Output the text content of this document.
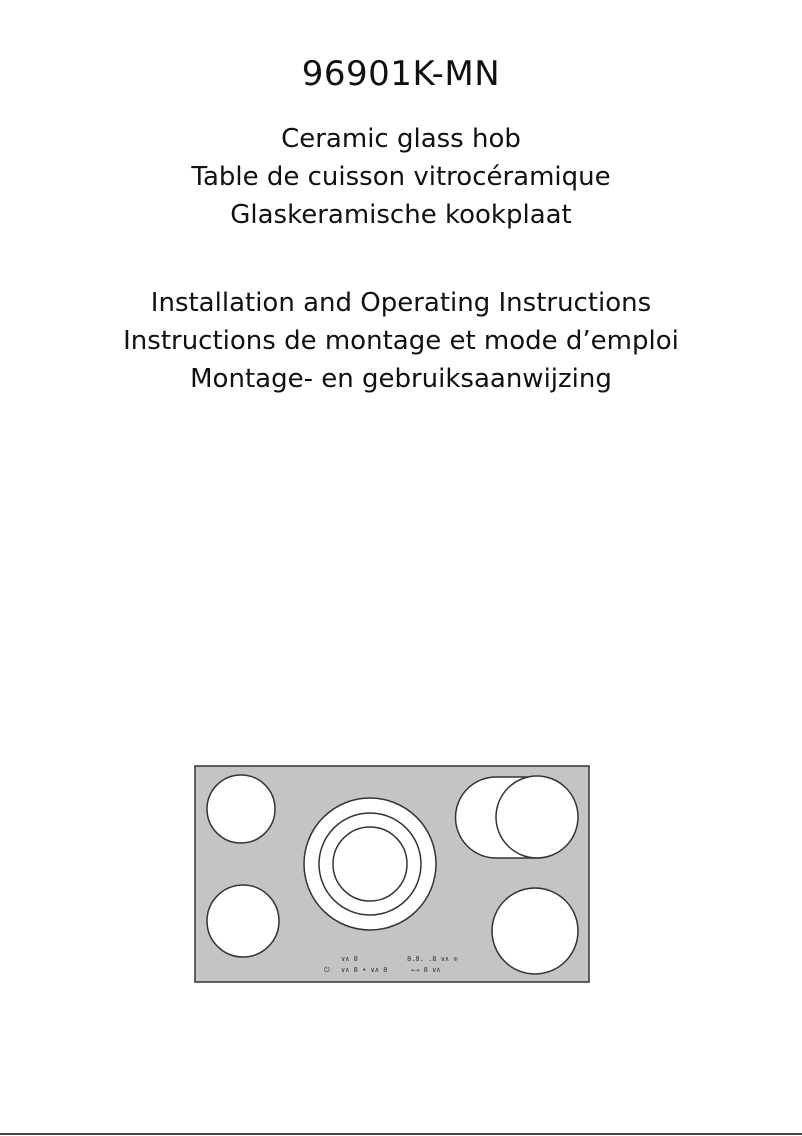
96901K-MN
Ceramic glass hob
Table de cuisson vitrocéramique
Glaskeramische kookplaat
Installation and Operating Instructions
Instructions de montage et mode d’emploi
Montage- en gebruiksaanwijzing
∨∧ 8	8.8. .8 ∨∧ ⊙
⏻ ∨∧ 8 • ∨∧ 8	←→ 8 ∨∧
